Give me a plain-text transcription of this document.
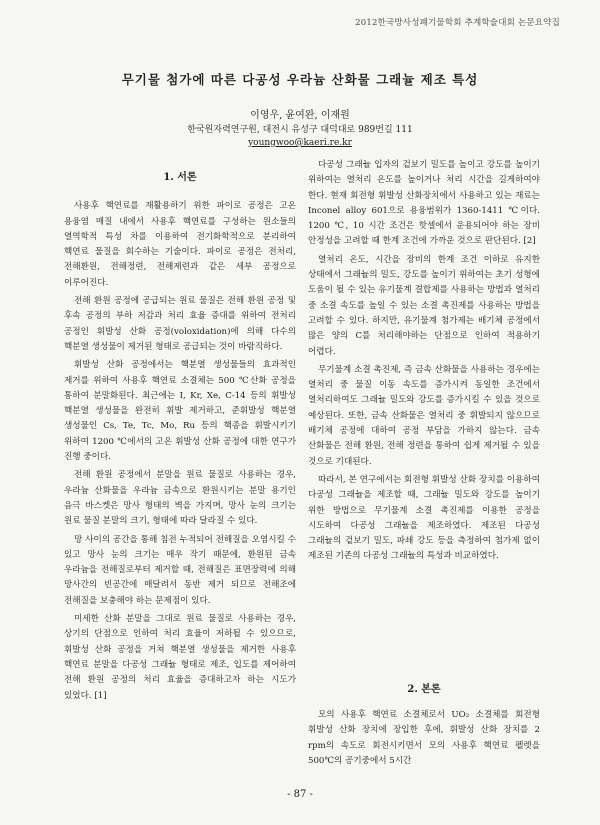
2012한국방사성폐기물학회 추계학술대회 논문요약집
무기물 첨가에 따른 다공성 우라늄 산화물 그래뉼 제조 특성
이영우, 윤여완, 이재원
한국원자력연구원, 대전시 유성구 대덕대로 989번길 111
youngwoo@kaeri.re.kr
1. 서론

사용후 핵연료를 재활용하기 위한 파이로 공정은 고온 용융염 매질 내에서 사용후 핵연료를 구성하는 원소들의 열역학적 특성 차를 이용하여 전기화학적으로 분리하여 핵연료 물질을 회수하는 기술이다. 파이로 공정은 전처리, 전해환원, 전해정련, 전해제련과 같은 세부 공정으로 이루어진다.

전해 환원 공정에 공급되는 원료 물질은 전해 환원 공정 및 후속 공정의 부하 저감과 처리 효율 증대를 위하여 전처리 공정인 휘발성 산화 공정(voloxidation)에 의해 다수의 핵분열 생성물이 제거된 형태로 공급되는 것이 바람직하다.

휘발성 산화 공정에서는 핵분열 생성물들의 효과적인 제거를 위하여 사용후 핵연료 소결체는 500 ℃산화 공정을 통하여 분말화된다. 최근에는 I, Kr, Xe, C-14 등의 휘발성 핵분열 생성물을 완전히 휘발 제거하고, 준휘발성 핵분열 생성물인 Cs, Te, Tc, Mo, Ru 등의 핵종을 휘발시키기 위하여 1200 ℃에서의 고온 휘발성 산화 공정에 대한 연구가 진행 중이다.

전해 환원 공정에서 분말을 원료 물질로 사용하는 경우, 우라늄 산화물을 우라늄 금속으로 환원시키는 분말 용기인 음극 바스켓은 망사 형태의 벽을 가지며, 망사 눈의 크기는 원료 물질 분말의 크기, 형태에 따라 달라질 수 있다.

망 사이의 공간을 통해 침전 누적되어 전해질을 오염시킬 수 있고 망사 눈의 크기는 매우 작기 때문에, 환원된 금속 우라늄을 전해질로부터 제거할 때, 전해질은 표면장력에 의해 망사간의 빈공간에 매달려서 동반 제거 되므로 전해조에 전해질을 보충해야 하는 문제점이 있다.

미세한 산화 분말을 그대로 원료 물질로 사용하는 경우, 상기의 단점으로 인하여 처리 효율이 저하될 수 있으므로, 휘발성 산화 공정을 거쳐 핵분열 생성물을 제거한 사용후 핵연료 분말을 다공성 그래뉼 형태로 제조, 입도를 제어하여 전해 환원 공정의 처리 효율을 증대하고자 하는 시도가 있었다. [1]

다공성 그래뉼 입자의 겉보기 밀도를 높이고 강도를 높이기 위하여는 열처리 온도를 높이거나 처리 시간을 길게하여야 한다. 현재 회전형 휘발성 산화장치에서 사용하고 있는 재료는 Inconel alloy 601으로 용융범위가 1360-1411 ℃이다. 1200 ℃, 10 시간 조건은 핫셀에서 운용되어야 하는 장비 안정성을 고려할 때 한계 조건에 가까운 것으로 판단된다. [2]

열처리 온도, 시간을 장비의 한계 조건 이하로 유지한 상태에서 그래뉼의 밀도, 강도를 높이기 위하여는 초기 성형에 도움이 될 수 있는 유기물계 결합제를 사용하는 방법과 열처리 중 소결 속도를 높일 수 있는 소결 촉진제를 사용하는 방법을 고려할 수 있다. 하지만, 유기물계 첨가제는 배기체 공정에서 많은 양의 C를 처리해야하는 단점으로 인하여 적용하기 어렵다.

무기물계 소결 촉진제, 즉 금속 산화물을 사용하는 경우에는 열처리 중 물질 이동 속도를 증가시켜 동일한 조건에서 열처리하여도 그래뉼 밀도와 강도를 증가시킬 수 있을 것으로 예상된다. 또한, 금속 산화물은 열처리 중 휘발되지 않으므로 배기체 공정에 대하여 공정 부담을 가하지 않는다. 금속 산화물은 전해 환원, 전해 정련을 통하여 쉽게 제거될 수 있을 것으로 기대된다.

따라서, 본 연구에서는 회전형 휘발성 산화 장치를 이용하여 다공성 그래뉼을 제조할 때, 그래뉼 밀도와 강도를 높이기 위한 방법으로 무기물계 소결 촉진제를 이용한 공정을 시도하여 다공성 그래뉼을 제조하였다. 제조된 다공성 그래뉼의 겉보기 밀도, 파쇄 강도 등을 측정하여 첨가제 없이 제조된 기존의 다공성 그래뉼의 특성과 비교하였다.

2. 본론

모의 사용후 핵연료 소결체로서 UO₂ 소결체를 회전형 휘발성 산화 장치에 장입한 후에, 휘발성 산화 장치를 2 rpm의 속도로 회전시키면서 모의 사용후 핵연료 펠렛을 500℃의 공기중에서 5시간

- 87 -
